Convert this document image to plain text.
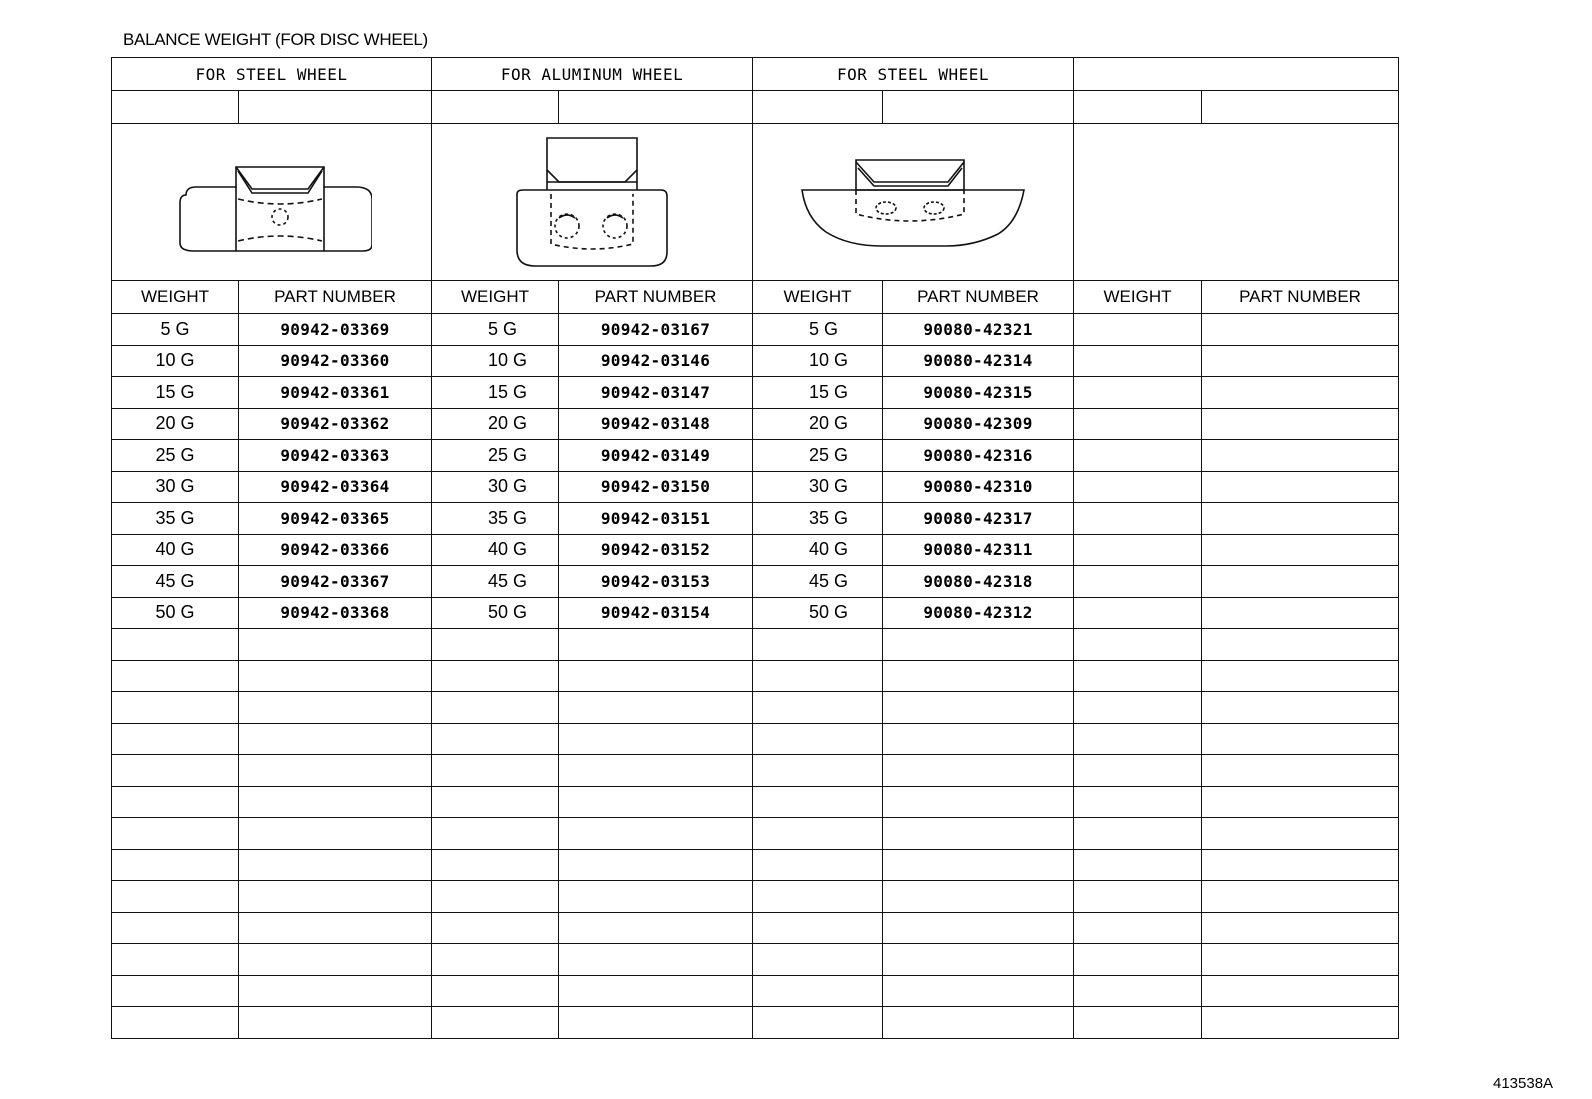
BALANCE WEIGHT (FOR DISC WHEEL)
FOR STEEL WHEEL		FOR ALUMINUM WHEEL		FOR STEEL WHEEL			

WEIGHT	PART NUMBER	WEIGHT	PART NUMBER	WEIGHT	PART NUMBER	WEIGHT	PART NUMBER
5 G	90942-03369	5 G	90942-03167	5 G	90080-42321		
10 G	90942-03360	10 G	90942-03146	10 G	90080-42314		
15 G	90942-03361	15 G	90942-03147	15 G	90080-42315		
20 G	90942-03362	20 G	90942-03148	20 G	90080-42309		
25 G	90942-03363	25 G	90942-03149	25 G	90080-42316		
30 G	90942-03364	30 G	90942-03150	30 G	90080-42310		
35 G	90942-03365	35 G	90942-03151	35 G	90080-42317		
40 G	90942-03366	40 G	90942-03152	40 G	90080-42311		
45 G	90942-03367	45 G	90942-03153	45 G	90080-42318		
50 G	90942-03368	50 G	90942-03154	50 G	90080-42312		

413538A
